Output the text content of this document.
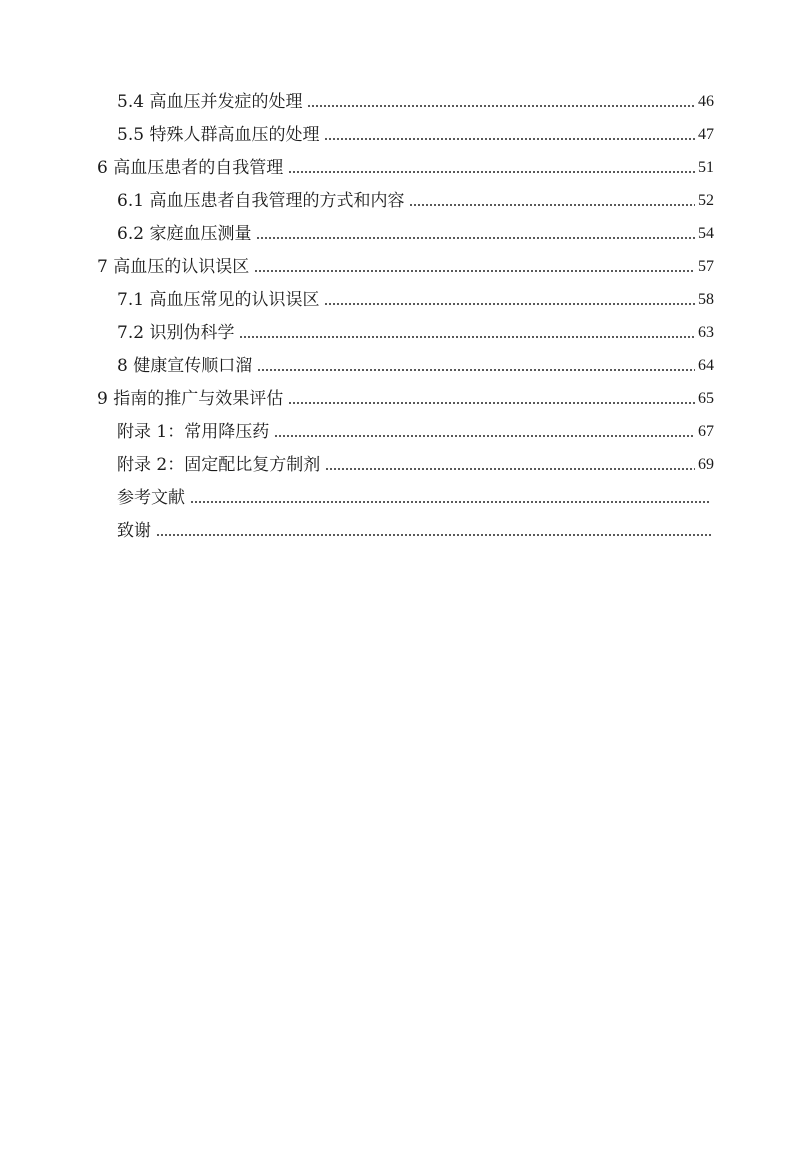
5.4 高血压并发症的处理	46
5.5 特殊人群高血压的处理	47
6 高血压患者的自我管理	51
6.1 高血压患者自我管理的方式和内容	52
6.2 家庭血压测量	54
7 高血压的认识误区	57
7.1 高血压常见的认识误区	58
7.2 识别伪科学	63
8 健康宣传顺口溜	64
9 指南的推广与效果评估	65
附录 1：常用降压药	67
附录 2：固定配比复方制剂	69
参考文献
致谢
